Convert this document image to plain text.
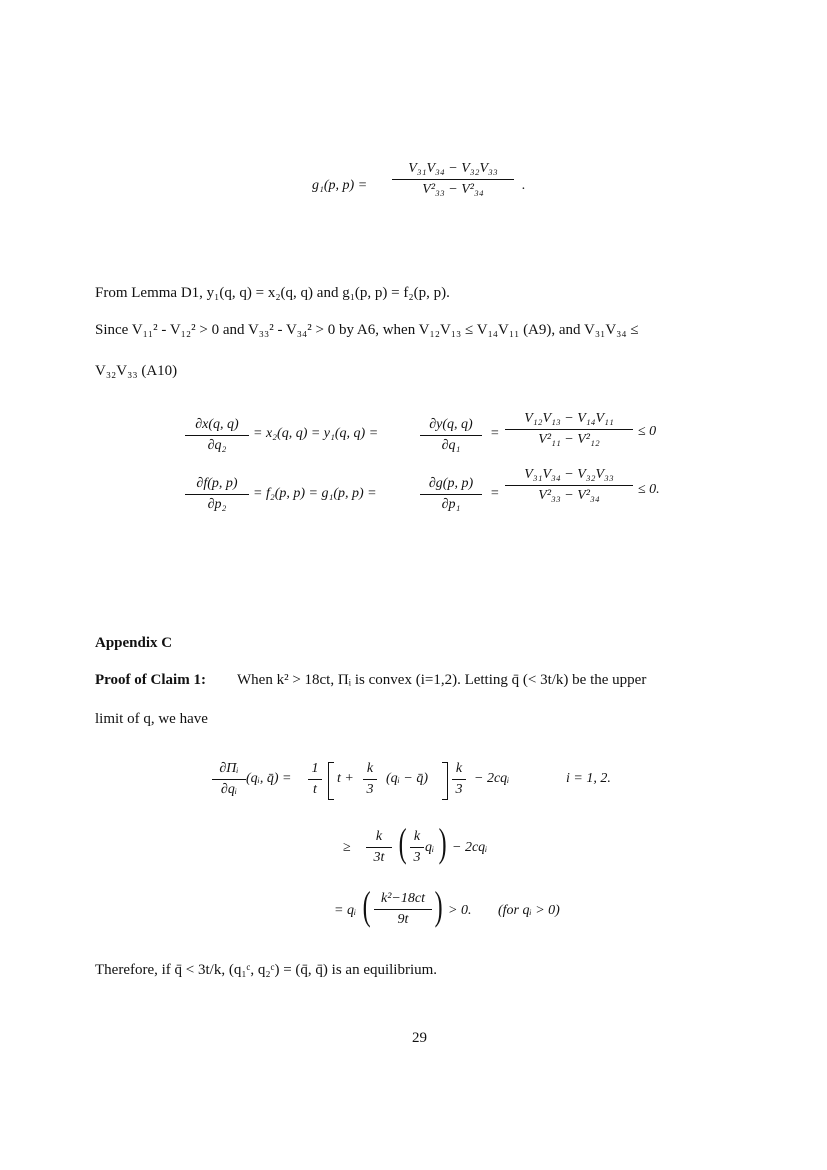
g₁(p, p) =
V₃₁V₃₄ − V₃₂V₃₃
V²₃₃ − V²₃₄	.
From Lemma D1, y₁(q, q) = x₂(q, q) and g₁(p, p) = f₂(p, p).
Since V₁₁² - V₁₂² > 0 and V₃₃² - V₃₄² > 0 by A6, when V₁₂V₁₃ ≤ V₁₄V₁₁ (A9), and V₃₁V₃₄ ≤
V₃₂V₃₃ (A10)
∂x(q, q)
∂q₂
= x₂(q, q) = y₁(q, q) =
∂y(q, q)
∂q₁
=
V₁₂V₁₃ − V₁₄V₁₁
V²₁₁ − V²₁₂
≤ 0
∂f(p, p)
∂p₂
= f₂(p, p) = g₁(p, p) =
∂g(p, p)
∂p₁
=
V₃₁V₃₄ − V₃₂V₃₃
V²₃₃ − V²₃₄	≤ 0.
Appendix C
Proof of Claim 1: When k² > 18ct, Πᵢ is convex (i=1,2). Letting q̄ (< 3t/k) be the upper
limit of q, we have
∂Πᵢ
∂qᵢ
(qᵢ, q̄) =
1
t
t +
k
3
(qᵢ − q̄)
k
3
− 2cqᵢ	i = 1, 2.
≥
k
3t ( k
3
qᵢ ) − 2cqᵢ
= qᵢ ( k²−18ct
9t ) > 0. (for qᵢ > 0)
Therefore, if q̄ < 3t/k, (q₁ᶜ, q₂ᶜ) = (q̄, q̄) is an equilibrium.
29
